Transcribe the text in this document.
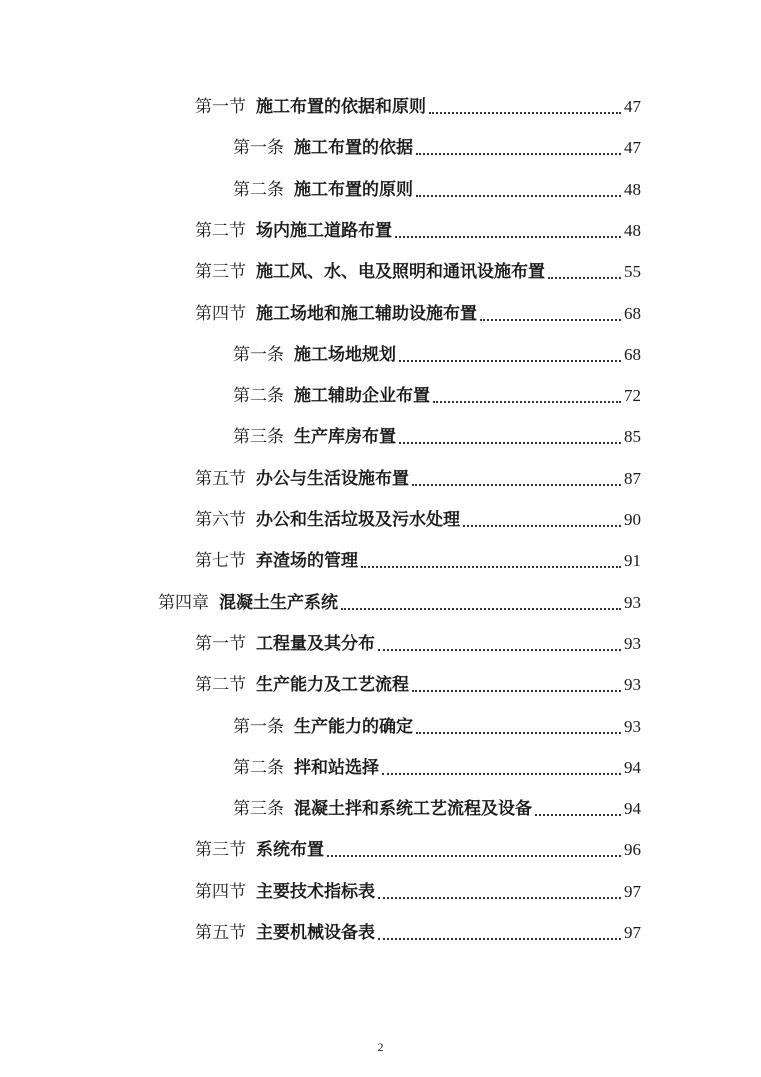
第一节 施工布置的依据和原则	47
第一条 施工布置的依据	47
第二条 施工布置的原则	48
第二节 场内施工道路布置	48
第三节 施工风、水、电及照明和通讯设施布置	55
第四节 施工场地和施工辅助设施布置	68
第一条 施工场地规划	68
第二条 施工辅助企业布置	72
第三条 生产库房布置	85
第五节 办公与生活设施布置	87
第六节 办公和生活垃圾及污水处理	90
第七节 弃渣场的管理	91
第四章 混凝土生产系统	93
第一节 工程量及其分布	93
第二节 生产能力及工艺流程	93
第一条 生产能力的确定	93
第二条 拌和站选择	94
第三条 混凝土拌和系统工艺流程及设备	94
第三节 系统布置	96
第四节 主要技术指标表	97
第五节 主要机械设备表	97
2
